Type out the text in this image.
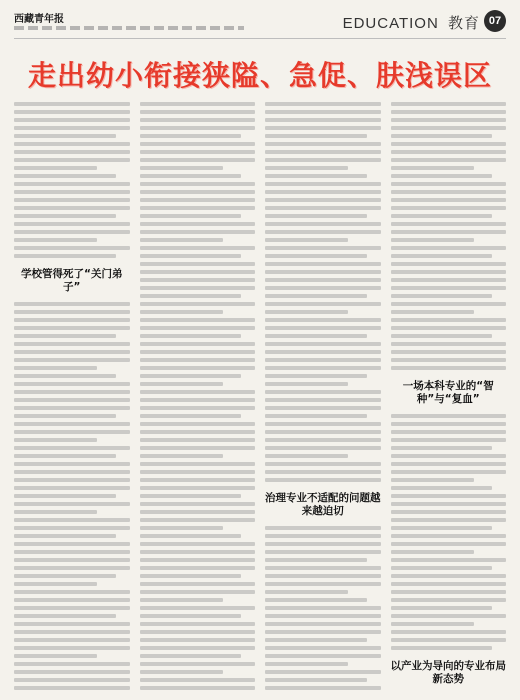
西藏青年报	EDUCATION 教育 07
走出幼小衔接狭隘、急促、肤浅误区
学校管得死了“关门弟子”
治理专业不适配的问题越来越迫切
一场本科专业的“智种”与“复血”
以产业为导向的专业布局新态势
